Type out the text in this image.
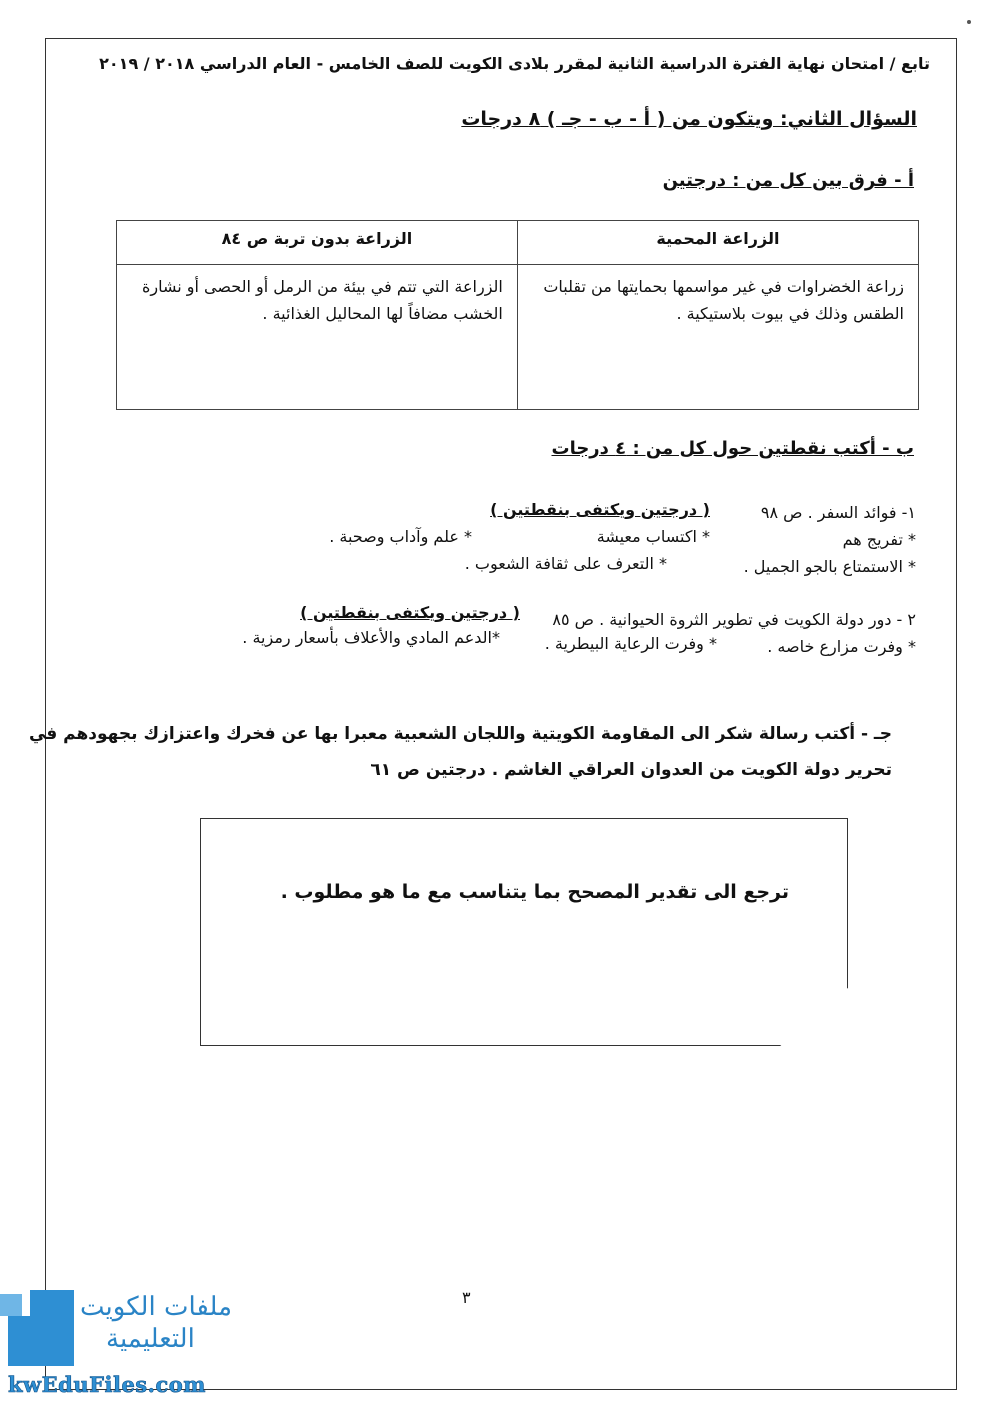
تابع / امتحان نهاية الفترة الدراسية الثانية لمقرر بلادى الكويت للصف الخامس - العام الدراسي ٢٠١٨ / ٢٠١٩
السؤال الثاني: ويتكون من ( أ - ب - جـ ) ٨ درجات
أ - فرق بين كل من : درجتين
الزراعة المحمية	الزراعة بدون تربة ص ٨٤
زراعة الخضراوات في غير مواسمها بحمايتها من تقلبات الطقس وذلك في بيوت بلاستيكية .	الزراعة التي تتم في بيئة من الرمل أو الحصى أو نشارة الخشب مضافاً لها المحاليل الغذائية .
ب - أكتب نقطتين حول كل من : ٤ درجات
١- فوائد السفر . ص ٩٨
( درجتين ويكتفى بنقطتين )
* تفريج هم
* اكتساب معيشة
* علم وآداب وصحبة .
* الاستمتاع بالجو الجميل .
* التعرف على ثقافة الشعوب .
٢ - دور دولة الكويت في تطوير الثروة الحيوانية . ص ٨٥
( درجتين ويكتفى بنقطتين )
* وفرت مزارع خاصه .
* وفرت الرعاية البيطرية .
*الدعم المادي والأعلاف بأسعار رمزية .
جـ - أكتب رسالة شكر الى المقاومة الكويتية واللجان الشعبية معبرا بها عن فخرك واعتزازك بجهودهم في
تحرير دولة الكويت من العدوان العراقي الغاشم . درجتين ص ٦١
ترجع الى تقدير المصحح بما يتناسب مع ما هو مطلوب .
٣
ملفات الكويت
التعليمية
kwEduFiles.com
